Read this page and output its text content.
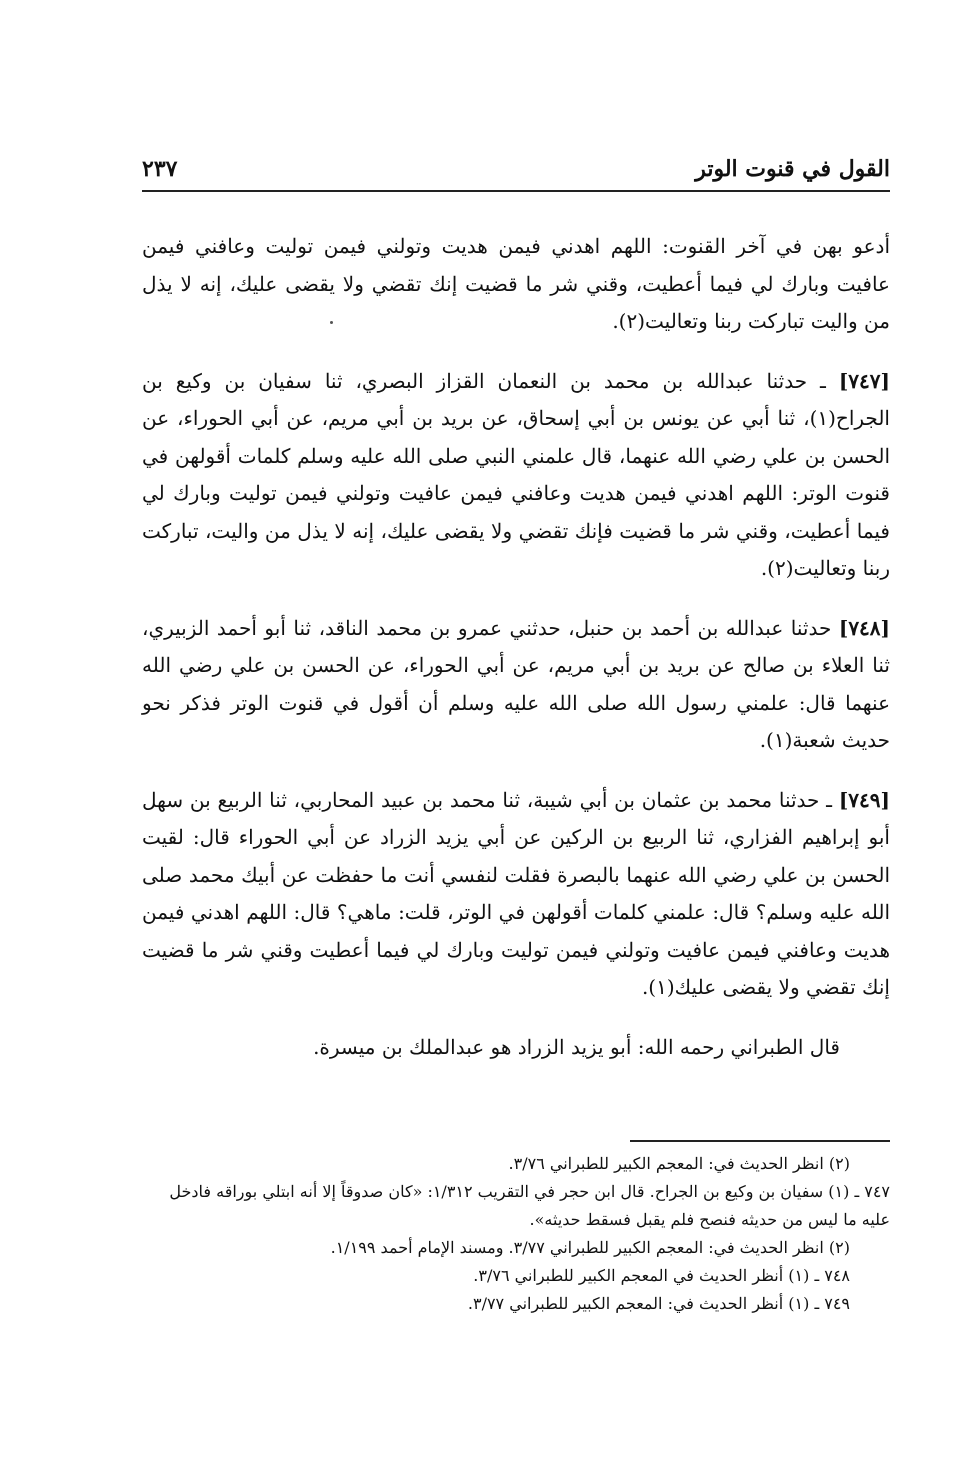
القول في قنوت الوتر
٢٣٧

أدعو بهن في آخر القنوت: اللهم اهدني فيمن هديت وتولني فيمن توليت وعافني فيمن عافيت وبارك لي فيما أعطيت، وقني شر ما قضيت إنك تقضي ولا يقضى عليك، إنه لا يذل من واليت تباركت ربنا وتعاليت(٢).

[٧٤٧] ـ حدثنا عبدالله بن محمد بن النعمان القزاز البصري، ثنا سفيان بن وكيع بن الجراح(١)، ثنا أبي عن يونس بن أبي إسحاق، عن بريد بن أبي مريم، عن أبي الحوراء، عن الحسن بن علي رضي الله عنهما، قال علمني النبي صلى الله عليه وسلم كلمات أقولهن في قنوت الوتر: اللهم اهدني فيمن هديت وعافني فيمن عافيت وتولني فيمن توليت وبارك لي فيما أعطيت، وقني شر ما قضيت فإنك تقضي ولا يقضى عليك، إنه لا يذل من واليت، تباركت ربنا وتعاليت(٢).

[٧٤٨] حدثنا عبدالله بن أحمد بن حنبل، حدثني عمرو بن محمد الناقد، ثنا أبو أحمد الزبيري، ثنا العلاء بن صالح عن بريد بن أبي مريم، عن أبي الحوراء، عن الحسن بن علي رضي الله عنهما قال: علمني رسول الله صلى الله عليه وسلم أن أقول في قنوت الوتر فذكر نحو حديث شعبة(١).

[٧٤٩] ـ حدثنا محمد بن عثمان بن أبي شيبة، ثنا محمد بن عبيد المحاربي، ثنا الربيع بن سهل أبو إبراهيم الفزاري، ثنا الربيع بن الركين عن أبي يزيد الزراد عن أبي الحوراء قال: لقيت الحسن بن علي رضي الله عنهما بالبصرة فقلت لنفسي أنت ما حفظت عن أبيك محمد صلى الله عليه وسلم؟ قال: علمني كلمات أقولهن في الوتر، قلت: ماهي؟ قال: اللهم اهدني فيمن هديت وعافني فيمن عافيت وتولني فيمن توليت وبارك لي فيما أعطيت وقني شر ما قضيت إنك تقضي ولا يقضى عليك(١).

قال الطبراني رحمه الله: أبو يزيد الزراد هو عبدالملك بن ميسرة.

(٢) انظر الحديث في: المعجم الكبير للطبراني ٣/٧٦.

٧٤٧ ـ (١) سفيان بن وكيع بن الجراح. قال ابن حجر في التقريب ١/٣١٢: «كان صدوقاً إلا أنه ابتلي بوراقه فادخل عليه ما ليس من حديثه فنصح فلم يقبل فسقط حديثه».

(٢) انظر الحديث في: المعجم الكبير للطبراني ٣/٧٧. ومسند الإمام أحمد ١/١٩٩.

٧٤٨ ـ (١) أنظر الحديث في المعجم الكبير للطبراني ٣/٧٦.

٧٤٩ ـ (١) أنظر الحديث في: المعجم الكبير للطبراني ٣/٧٧.
